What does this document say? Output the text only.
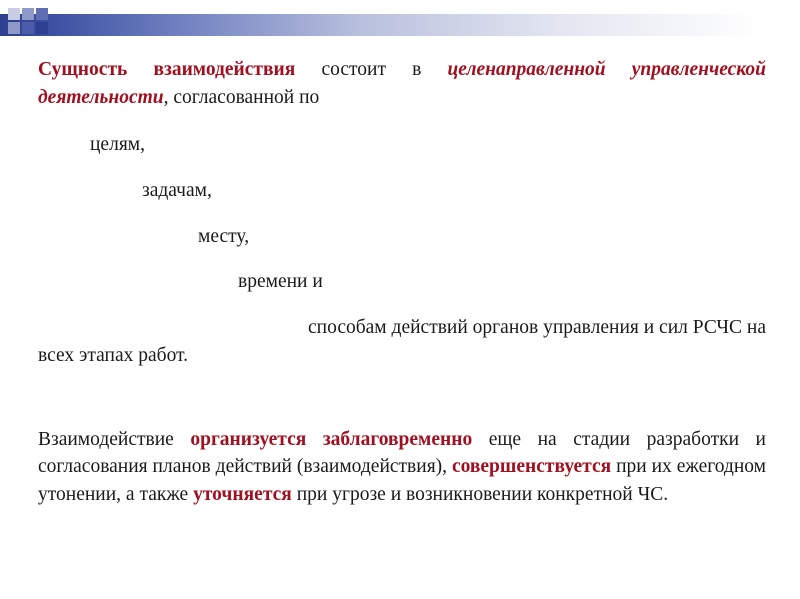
Сущность взаимодействия состоит в целенаправленной управленческой деятельности, согласованной по

целям,

задачам,

месту,

времени и

способам действий органов управления и сил РСЧС на всех этапах работ.

Взаимодействие организуется заблаговременно еще на стадии разработки и согласования планов действий (взаимодействия), совершенствуется при их ежегодном утонении, а также уточняется при угрозе и возникновении конкретной ЧС.
